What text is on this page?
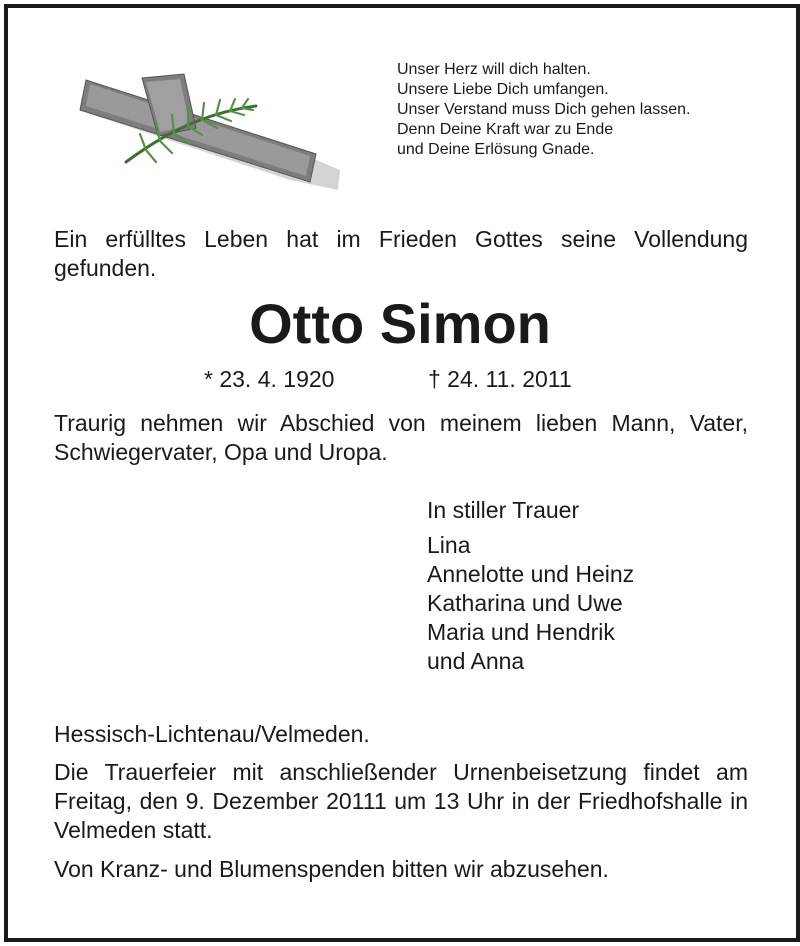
Unser Herz will dich halten.
Unsere Liebe Dich umfangen.
Unser Verstand muss Dich gehen lassen.
Denn Deine Kraft war zu Ende
und Deine Erlösung Gnade.
Ein erfülltes Leben hat im Frieden Gottes seine Vollendung gefunden.
Otto Simon
* 23. 4. 1920	† 24. 11. 2011
Traurig nehmen wir Abschied von meinem lieben Mann, Vater, Schwiegervater, Opa und Uropa.
In stiller Trauer
Lina
Annelotte und Heinz
Katharina und Uwe
Maria und Hendrik
und Anna
Hessisch-Lichtenau/Velmeden.
Die Trauerfeier mit anschließender Urnenbeisetzung findet am Freitag, den 9. Dezember 20111 um 13 Uhr in der Friedhofshalle in Velmeden statt.
Von Kranz- und Blumenspenden bitten wir abzusehen.
